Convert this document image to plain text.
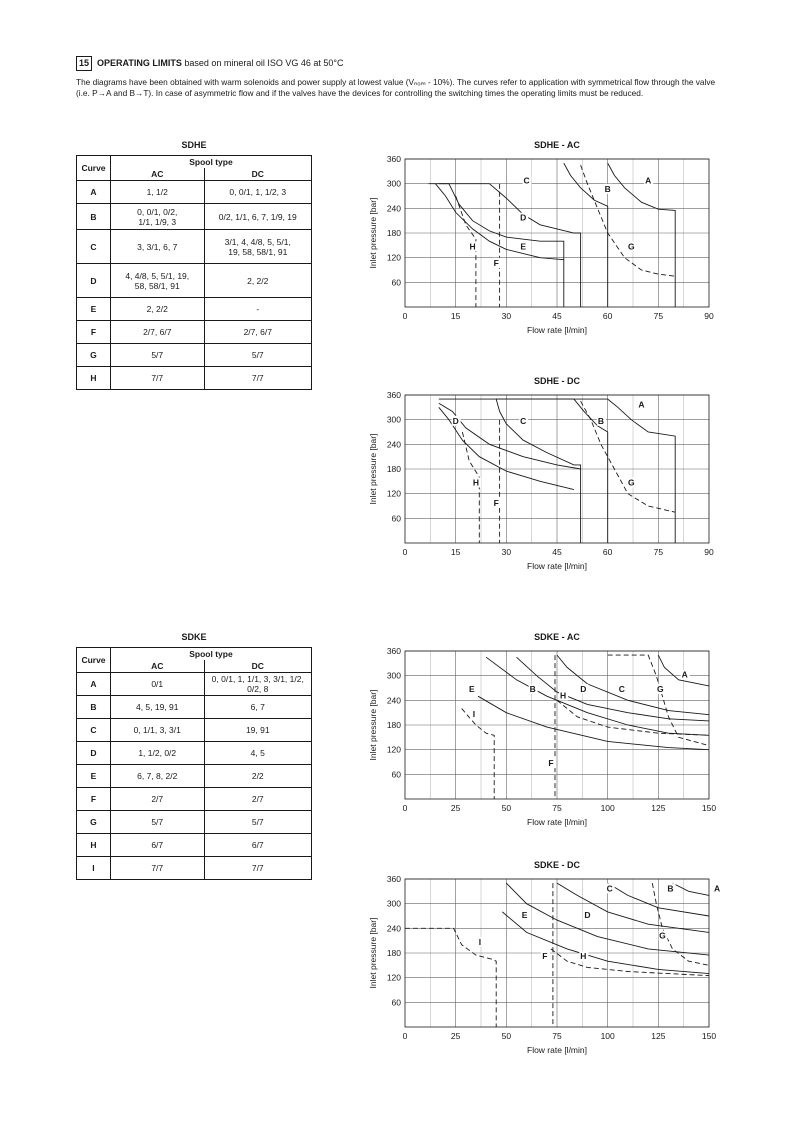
15 OPERATING LIMITS based on mineral oil ISO VG 46 at 50°C
The diagrams have been obtained with warm solenoids and power supply at lowest value (Vₙₒₘ - 10%). The curves refer to application with symmetrical flow through the valve (i.e. P→A and B→T). In case of asymmetric flow and if the valves have the devices for controlling the switching times the operating limits must be reduced.
SDHE
Curve	Spool type	
	AC	DC
A	1, 1/2	0, 0/1, 1, 1/2, 3
B	0, 0/1, 0/2,
1/1, 1/9, 3	0/2, 1/1, 6, 7, 1/9, 19
C	3, 3/1, 6, 7	3/1, 4, 4/8, 5, 5/1,
19, 58, 58/1, 91
D	4, 4/8, 5, 5/1, 19,
58, 58/1, 91	2, 2/2
E	2, 2/2	-
F	2/7, 6/7	2/7, 6/7
G	5/7	5/7
H	7/7	7/7
SDKE
Curve	Spool type	
	AC	DC
A	0/1	0, 0/1, 1, 1/1, 3, 3/1, 1/2, 0/2, 8
B	4, 5, 19, 91	6, 7
C	0, 1/1, 3, 3/1	19, 91
D	1, 1/2, 0/2	4, 5
E	6, 7, 8, 2/2	2/2
F	2/7	2/7
G	5/7	5/7
H	6/7	6/7
I	7/7	7/7
SDHE - AC
0	15	30	45	60	75	90
60
120
180
240
300
360
A
B
C
D
E
F
G
H
Flow rate [l/min]
Inlet pressure [bar]
SDHE - DC
0	15	30	45	60	75	90
60
120
180
240
300
360
A
B
C
D
F
G
H
Flow rate [l/min]
Inlet pressure [bar]
SDKE - AC
0	25	50	75	100	125	150
60
120
180
240
300
360
A
B	C
D
E
F
G
H
I
Flow rate [l/min]
Inlet pressure [bar]
SDKE - DC
0	25	50	75	100	125	150
60
120
180
240
300
360
A
B
C
D
E
F
G
H
I
Flow rate [l/min]
Inlet pressure [bar]
